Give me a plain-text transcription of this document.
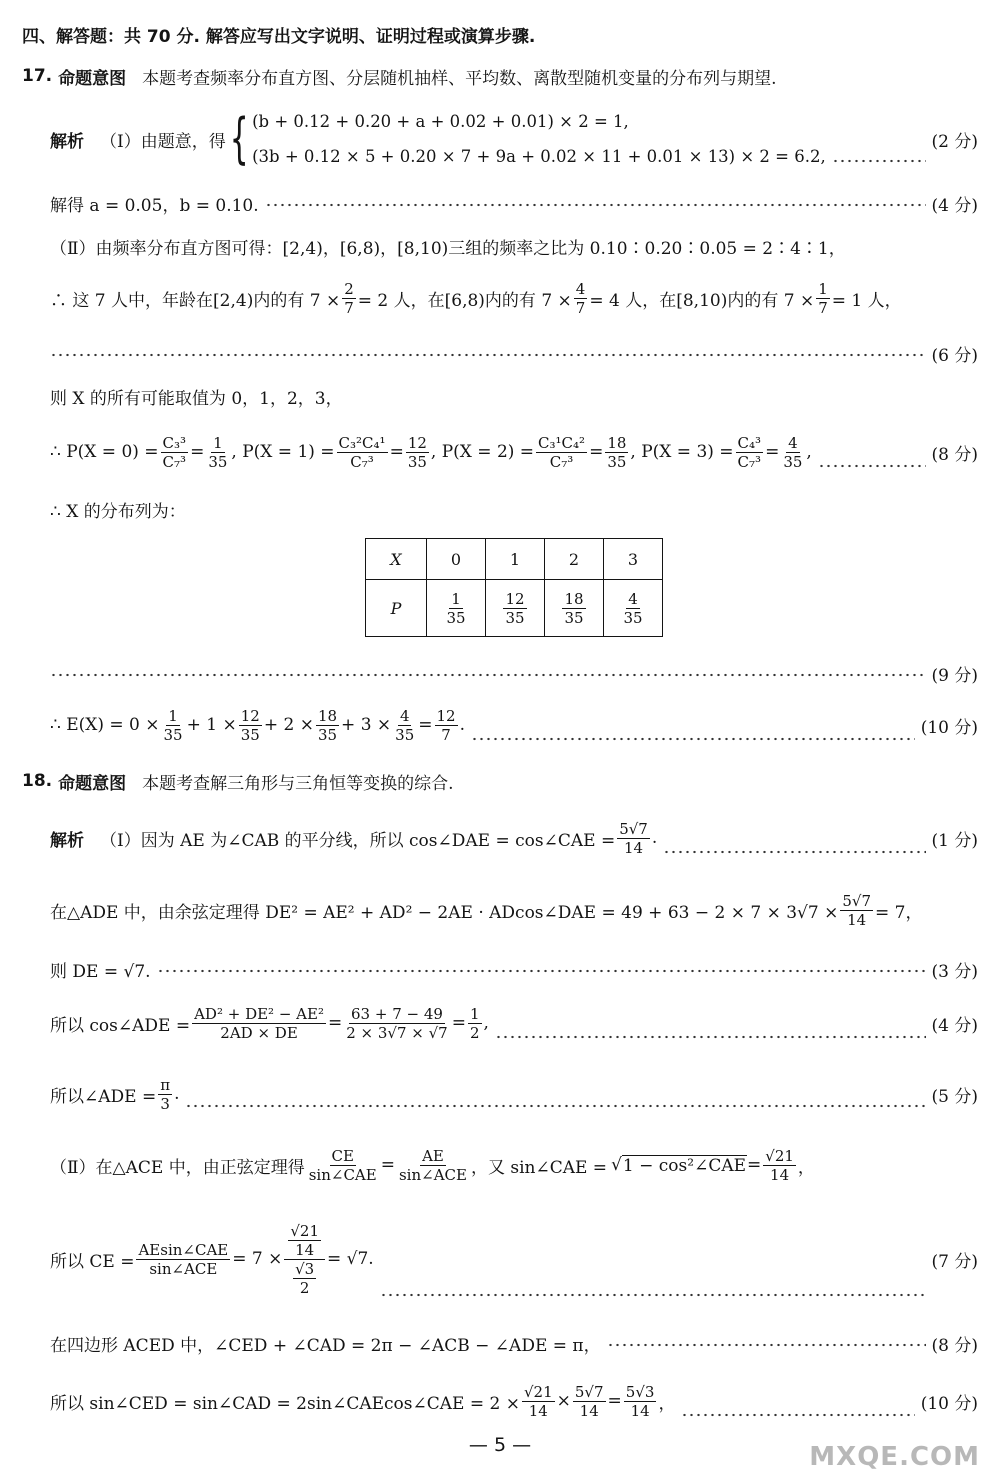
四、解答题：共 70 分. 解答应写出文字说明、证明过程或演算步骤.
17. 命题意图 本题考查频率分布直方图、分层随机抽样、平均数、离散型随机变量的分布列与期望.
解析 （Ⅰ）由题意，得 { (b + 0.12 + 0.20 + a + 0.02 + 0.01) × 2 = 1,
(3b + 0.12 × 5 + 0.20 × 7 + 9a + 0.02 × 11 + 0.01 × 13) × 2 = 6.2,
(2 分)
解得 a = 0.05，b = 0.10.	(4 分)
（Ⅱ）由频率分布直方图可得：[2,4)，[6,8)，[8,10)三组的频率之比为 0.10∶0.20∶0.05 = 2∶4∶1，
∴ 这 7 人中，年龄在[2,4)内的有 $7 \times \frac{2}{7} = 2$ 人，在[6,8)内的有 $7 \times \frac{4}{7} = 4$ 人，在[8,10)内的有 $7 \times \frac{1}{7} = 1$ 人，
(6 分)
则 X 的所有可能取值为 0，1，2，3，
∴ $P(X = 0) = \frac{\text{C₃³}}{\text{C₇³}} = 1$
35 , $P(X = 1) = \frac{\text{C₃²C₄¹}}{\text{C₇³}} = 12$
35 , $P(X = 2) = \frac{\text{C₃¹C₄²}}{\text{C₇³}} = 18$
35 , $P(X = 3) = \frac{\text{C₄³}}{\text{C₇³}} = 4$
35 ,	(8 分)
∴ X 的分布列为：
X	0	1	2	3
P	$\frac{1}{35}$	$\frac{12}{35}$	$\frac{18}{35}$	$\frac{4}{35}$
(9 分)
∴ $E(X) = 0 \times \frac{1}{35} + 1 \times \frac{12}{35} + 2 \times \frac{18}{35} + 3 \times \frac{4}{35} = \frac{12}{7}$ .	(10 分)
18. 命题意图 本题考查解三角形与三角恒等变换的综合.
解析 （Ⅰ）因为 AE 为∠CAB 的平分线，所以 cos∠DAE = cos∠CAE = $\frac{5√7}{14}$ .	(1 分)
在△ADE 中，由余弦定理得 DE² = AE² + AD² − 2AE · ADcos∠DAE = $49 + 63 - 2 \times 7 \times 3√7 \times \frac{5√7}{14} = 7$，
则 DE = √7.	(3 分)
所以 cos∠ADE = $\frac{\text{AD² + DE² − AE²}}{2AD \times DE} = \frac{63 + 7 - 49}{2 \times 3√7 \times √7} = \frac{1}{2}$ ,	(4 分)
所以∠ADE = $\frac{\pi}{3}$ .	(5 分)
（Ⅱ）在△ACE 中，由正弦定理得
CE
sin∠CAE = AE
sin∠ACE ，又 sin∠CAE = √ 1 − cos²∠CAE = $\frac{√21}{14}$ ，
所以 CE =
AEsin∠CAE
sin∠ACE = $7 \times \frac{\frac{√21}{14}}{\frac{√3}{2}} = √7$.	(7 分)
在四边形 ACED 中，∠CED + ∠CAD = 2π − ∠ACB − ∠ADE = π，	(8 分)
所以 sin∠CED = sin∠CAD = 2sin∠CAEcos∠CAE = $2 \times \frac{√21}{14} \times \frac{5√7}{14} = \frac{5√3}{14}$ ，	(10 分)
— 5 —	MXQE.COM
